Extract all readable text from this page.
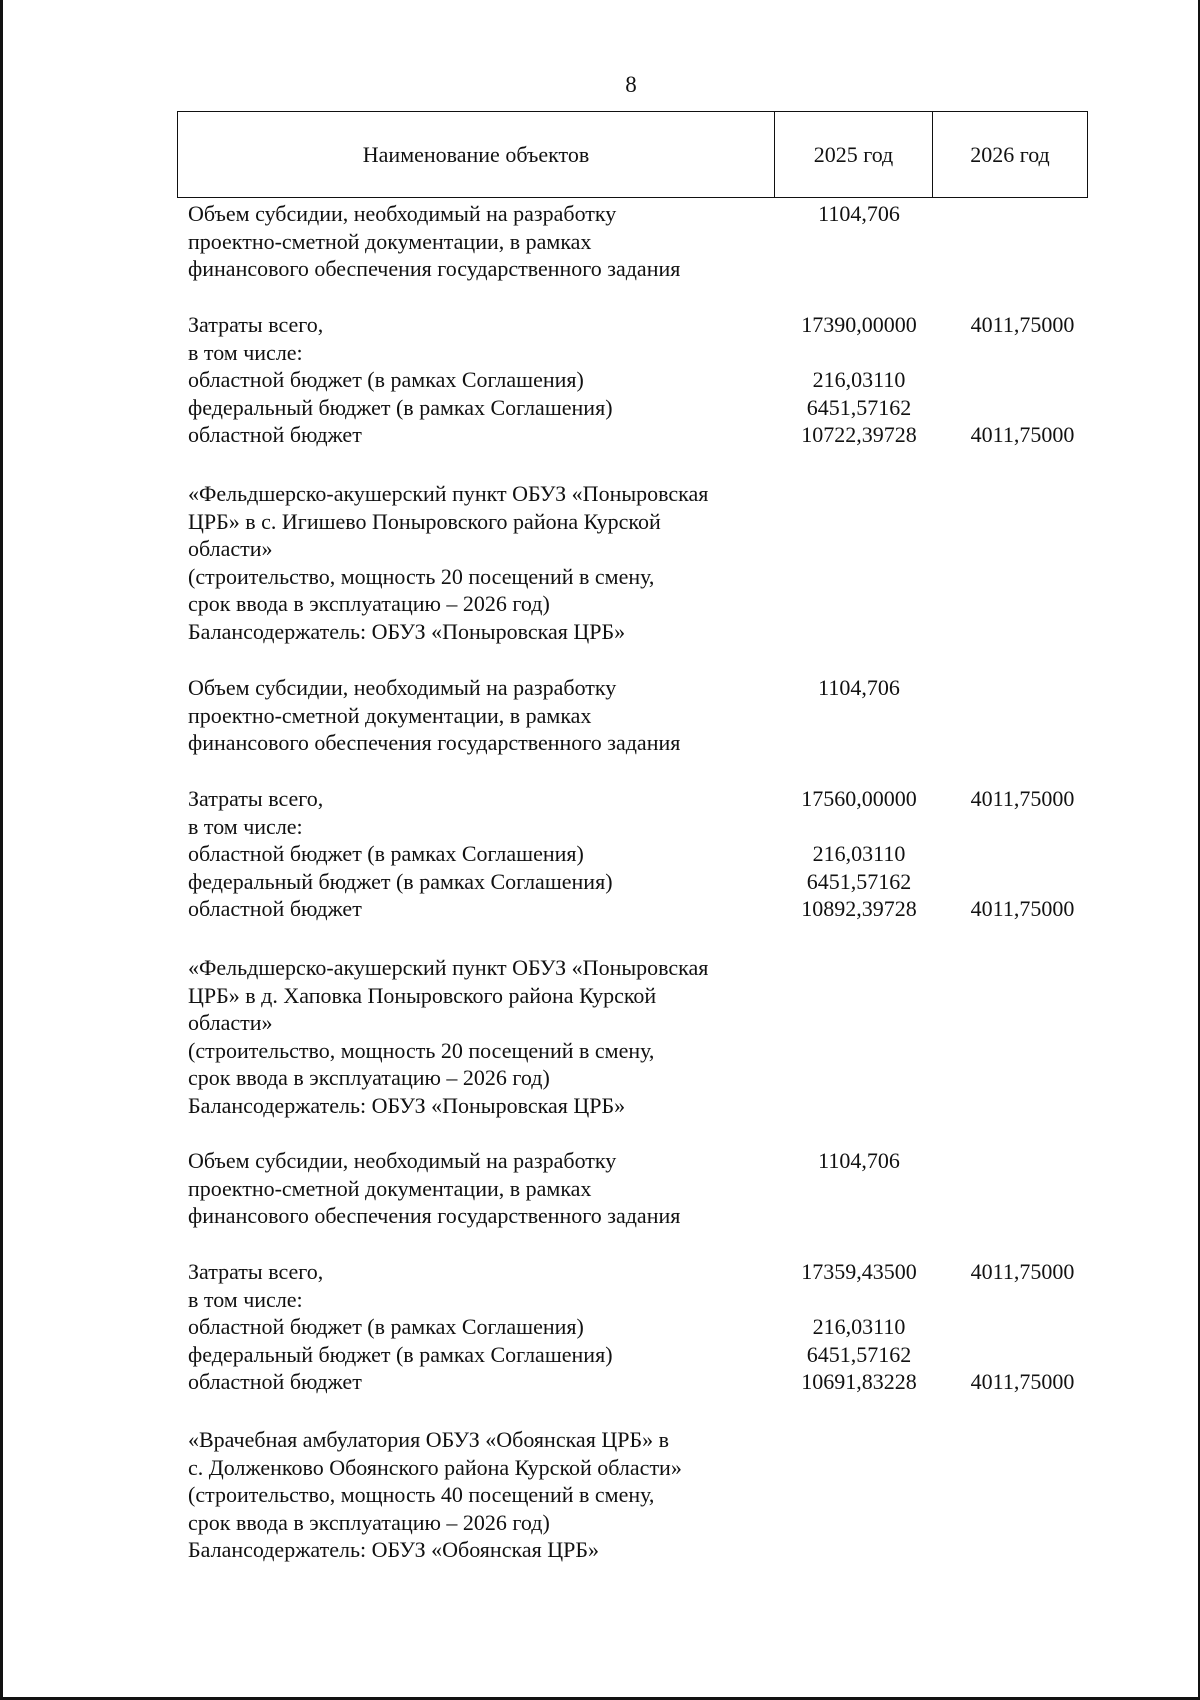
8
Наименование объектов	2025 год	2026 год
Объем субсидии, необходимый на разработку
проектно-сметной документации, в рамках
финансового обеспечения государственного задания
1104,706
Затраты всего,
в том числе:
областной бюджет (в рамках Соглашения)
федеральный бюджет (в рамках Соглашения)
областной бюджет
17390,00000
216,03110
6451,57162
10722,39728
4011,75000
4011,75000
«Фельдшерско-акушерский пункт ОБУЗ «Поныровская
ЦРБ» в с. Игишево Поныровского района Курской
области»
(строительство, мощность 20 посещений в смену,
срок ввода в эксплуатацию – 2026 год)
Балансодержатель: ОБУЗ «Поныровская ЦРБ»
Объем субсидии, необходимый на разработку
проектно-сметной документации, в рамках
финансового обеспечения государственного задания
1104,706
Затраты всего,
в том числе:
областной бюджет (в рамках Соглашения)
федеральный бюджет (в рамках Соглашения)
областной бюджет
17560,00000
216,03110
6451,57162
10892,39728
4011,75000
4011,75000
«Фельдшерско-акушерский пункт ОБУЗ «Поныровская
ЦРБ» в д. Хаповка Поныровского района Курской
области»
(строительство, мощность 20 посещений в смену,
срок ввода в эксплуатацию – 2026 год)
Балансодержатель: ОБУЗ «Поныровская ЦРБ»
Объем субсидии, необходимый на разработку
проектно-сметной документации, в рамках
финансового обеспечения государственного задания
1104,706
Затраты всего,
в том числе:
областной бюджет (в рамках Соглашения)
федеральный бюджет (в рамках Соглашения)
областной бюджет
17359,43500
216,03110
6451,57162
10691,83228
4011,75000
4011,75000
«Врачебная амбулатория ОБУЗ «Обоянская ЦРБ» в
с. Долженково Обоянского района Курской области»
(строительство, мощность 40 посещений в смену,
срок ввода в эксплуатацию – 2026 год)
Балансодержатель: ОБУЗ «Обоянская ЦРБ»
